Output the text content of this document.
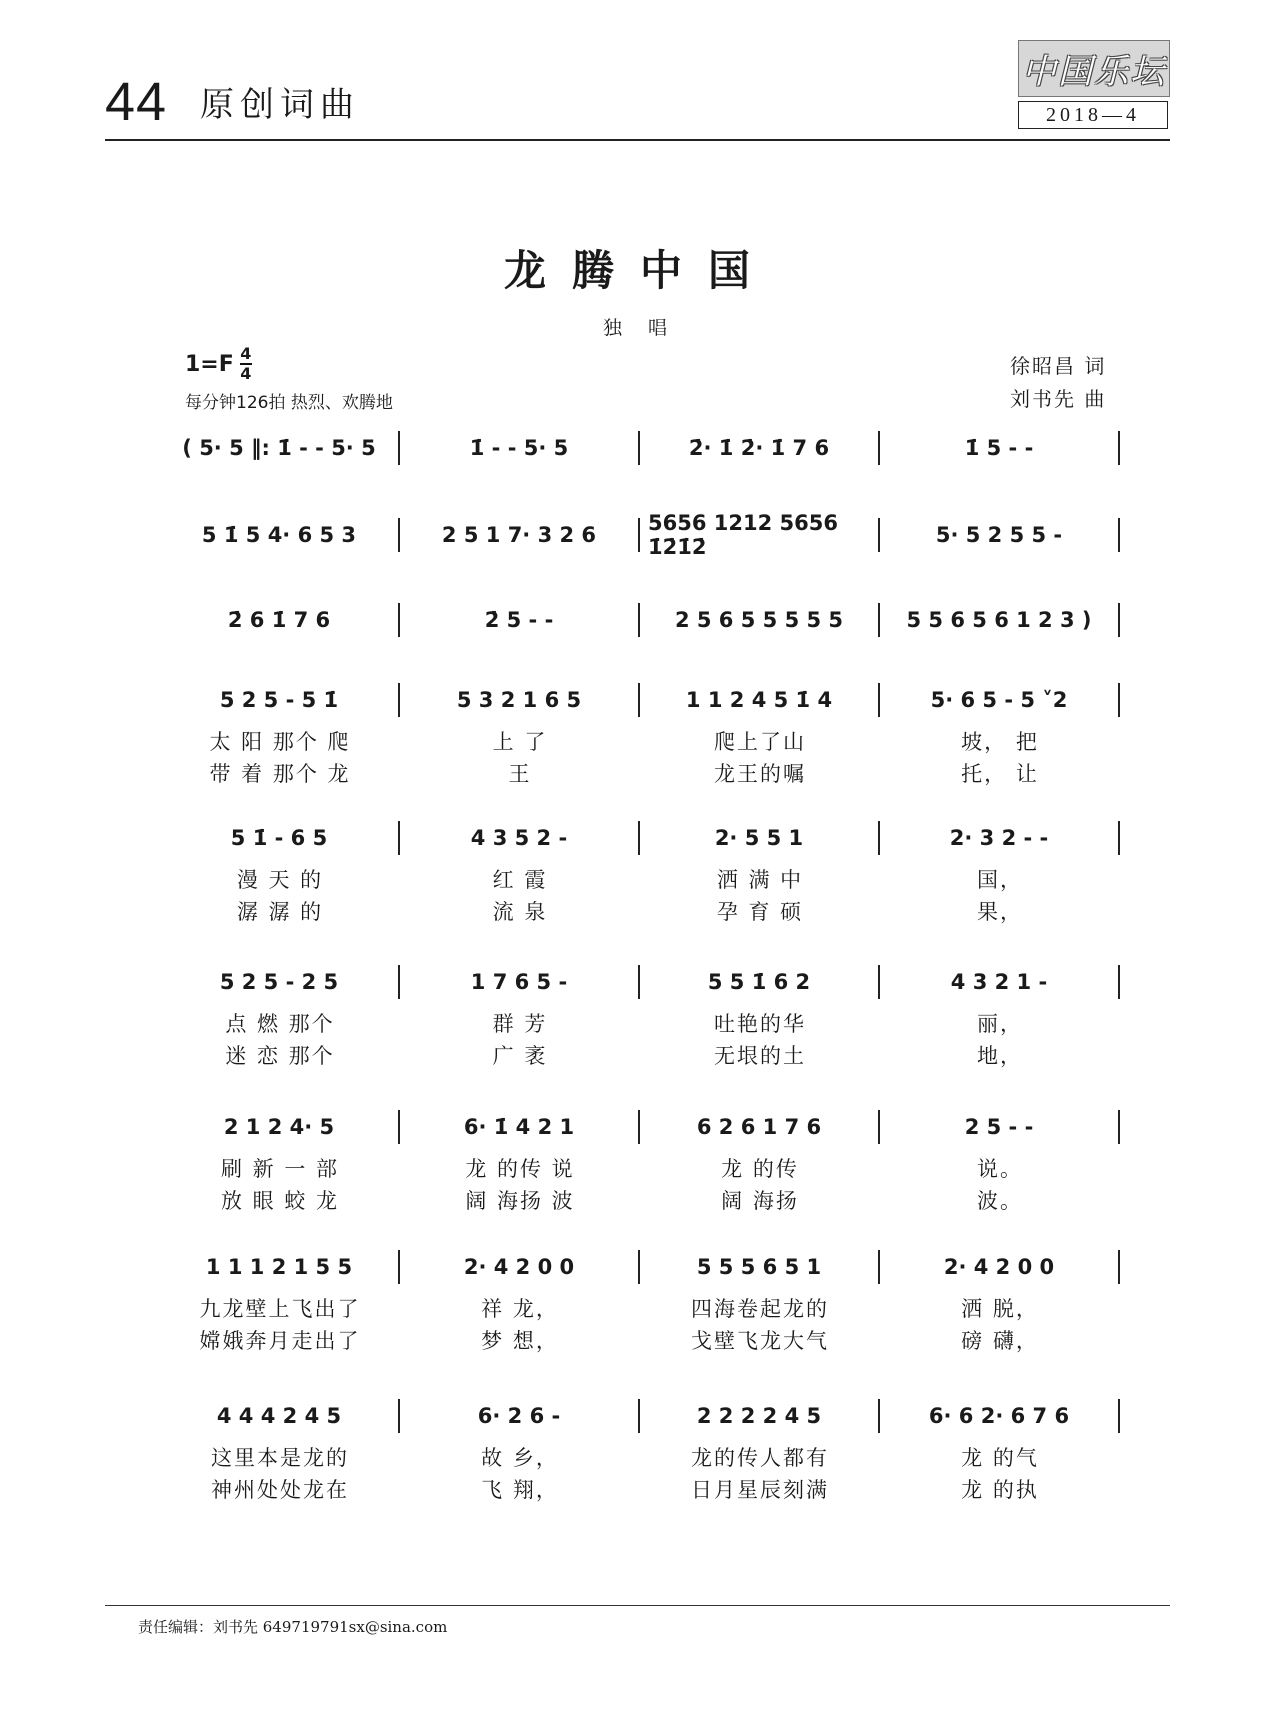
44 原创词曲
中国乐坛
2018—4
龙腾中国
独 唱
$1=F \frac{4}{4}$
每分钟126拍 热烈、欢腾地
徐昭昌 词
刘书先 曲
( 5· 5 ‖: 1̇ - - 5· 5	1̇ - - 5· 5	2̇· 1̇ 2̇· 1̇ 7 6	1̇ 5 - -
5 1̇ 5 4· 6 5 3	2 5 1 7· 3 2 6	5656 1212 5656 1̇2̇1̇2̇	5· 5 2 5 5 -
2̇ 6 1̇ 7 6	2̇ 5 - -	2 5 6 5 5 5 5 5	5 5 6 5 6 1 2 3 )
5 2 5 - 5 1̇	5 3 2 1 6 5	1 1 2 4 5 1̇ 4	5· 6 5 - 5 ˅2
太 阳 那个 爬	上 了	爬上了山	坡， 把
带 着 那个 龙	王	龙王的嘱	托， 让
5 1̇ - 6 5	4 3 5 2 -	2· 5 5 1	2· 3 2 - -
漫 天 的	红 霞	洒 满 中	国，
潺 潺 的	流 泉	孕 育 硕	果，
5 2 5 - 2 5	1 7 6 5 -	5 5 1̇ 6 2	4 3 2 1 -
点 燃 那个	群 芳	吐艳的华	丽，
迷 恋 那个	广 袤	无垠的土	地，
2 1 2 4· 5	6· 1̇ 4 2 1	6 2 6 1 7 6	2 5 - -
刷 新 一 部	龙 的传 说	龙 的传	说。
放 眼 蛟 龙	阔 海扬 波	阔 海扬	波。
1 1 1 2 1 5 5	2· 4 2 0 0	5 5 5 6 5 1	2· 4 2 0 0
九龙壁上飞出了	祥 龙，	四海卷起龙的	洒 脱，
嫦娥奔月走出了	梦 想，	戈壁飞龙大气	磅 礴，
4 4 4 2 4 5	6· 2 6 -	2 2 2 2 4 5	6· 6 2· 6 7 6
这里本是龙的	故 乡，	龙的传人都有	龙 的气
神州处处龙在	飞 翔，	日月星辰刻满	龙 的执
责任编辑：刘书先 649719791sx@sina.com
